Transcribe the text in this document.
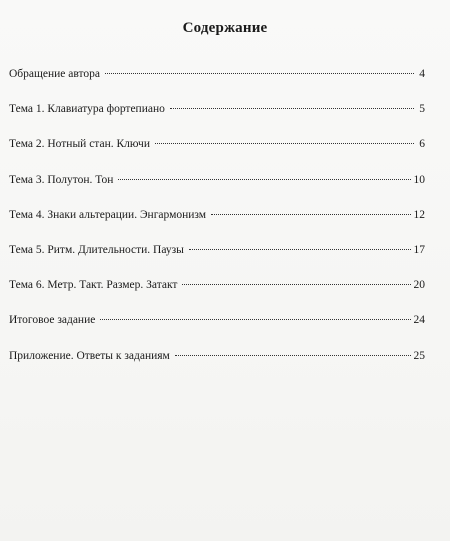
Содержание
Обращение автора	4
Тема 1. Клавиатура фортепиано	5
Тема 2. Нотный стан. Ключи	6
Тема 3. Полутон. Тон	10
Тема 4. Знаки альтерации. Энгармонизм	12
Тема 5. Ритм. Длительности. Паузы	17
Тема 6. Метр. Такт. Размер. Затакт	20
Итоговое задание	24
Приложение. Ответы к заданиям	25
